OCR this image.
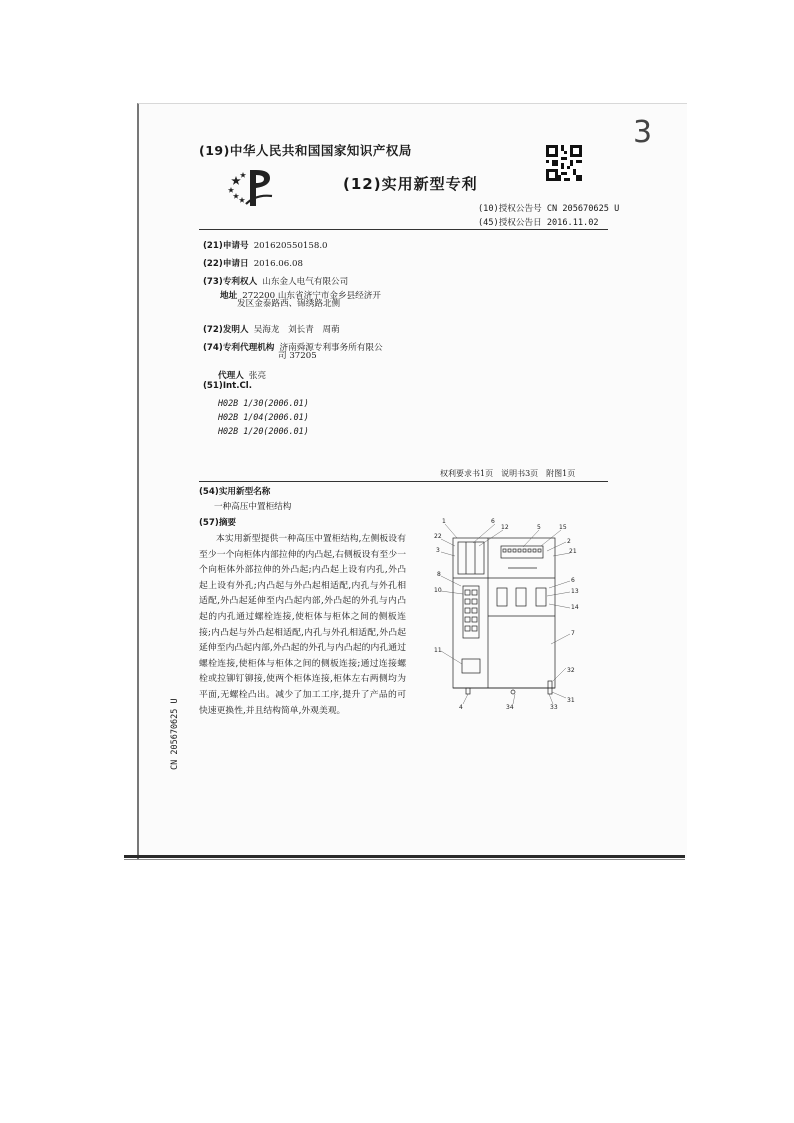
3
(19)中华人民共和国国家知识产权局
(12)实用新型专利
(10)授权公告号 CN 205670625 U
(45)授权公告日 2016.11.02
(21)申请号 201620550158.0
(22)申请日 2016.06.08
(73)专利权人 山东金人电气有限公司
地址 272200 山东省济宁市金乡县经济开
发区金泰路西、锦绣路北侧
(72)发明人 吴海龙　刘长青　周萌
(74)专利代理机构 济南舜源专利事务所有限公
司 37205
代理人 张亮
(51)Int.Cl.
H02B 1/30(2006.01)
H02B 1/04(2006.01)
H02B 1/20(2006.01)
权利要求书1页　说明书3页　附图1页
(54)实用新型名称
一种高压中置柜结构
(57)摘要

本实用新型提供一种高压中置柜结构,左侧板设有至少一个向柜体内部拉伸的内凸起,右侧板设有至少一个向柜体外部拉伸的外凸起;内凸起上设有内孔,外凸起上设有外孔;内凸起与外凸起相适配,内孔与外孔相适配,外凸起延伸至内凸起内部,外凸起的外孔与内凸起的内孔通过螺栓连接,使柜体与柜体之间的侧板连接;内凸起与外凸起相适配,内孔与外孔相适配,外凸起延伸至内凸起内部,外凸起的外孔与内凸起的内孔通过螺栓连接,使柜体与柜体之间的侧板连接;通过连接螺栓或拉铆钉铆接,使两个柜体连接,柜体左右两侧均为平面,无螺栓凸出。减少了加工工序,提升了产品的可快速更换性,并且结构简单,外观美观。

CN 205670625 U
1	6
12	5	15
22
2
3	21
8
6
10	13
14
7
11
32
4	34	33
31
